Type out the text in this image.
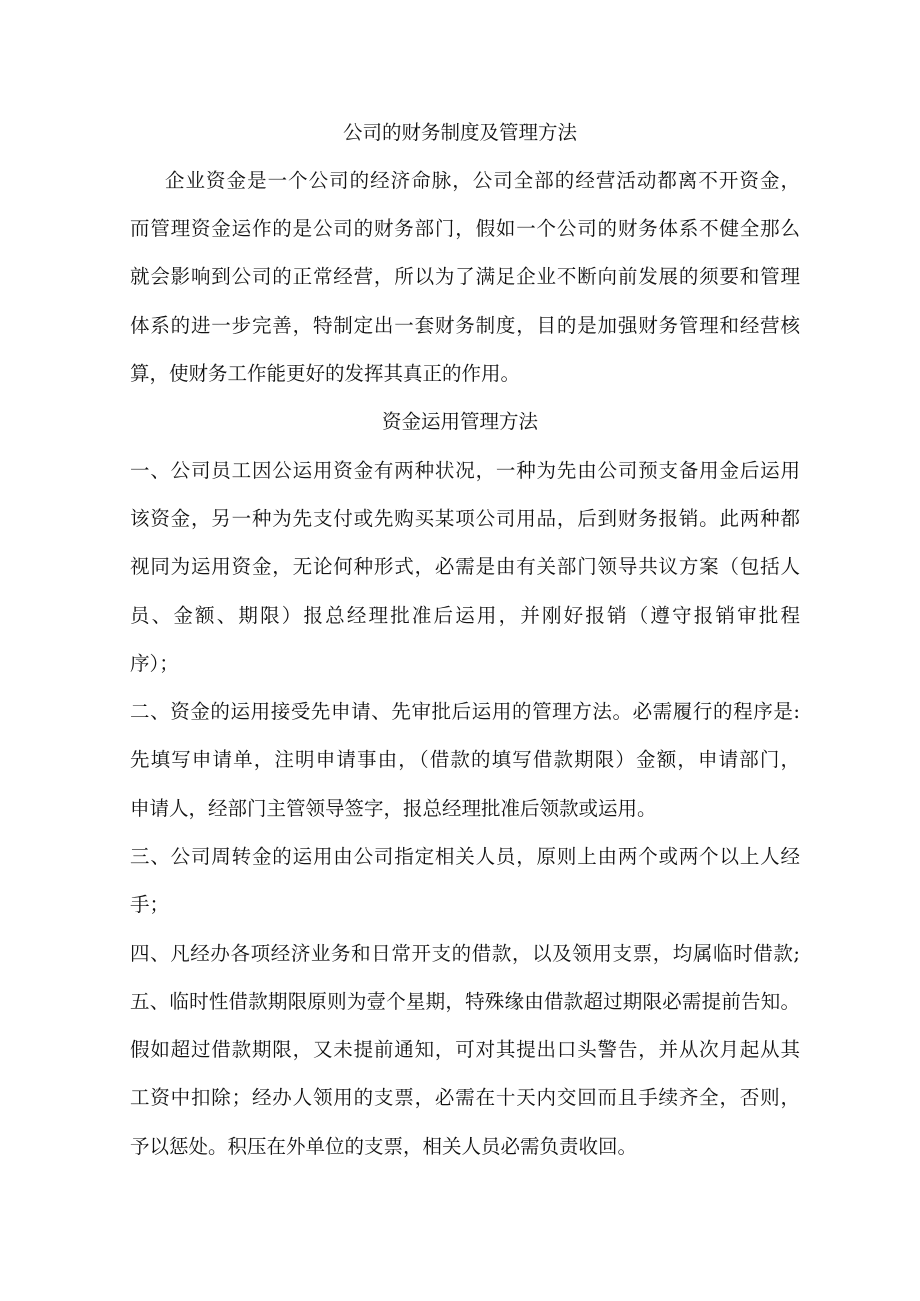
公司的财务制度及管理方法
企业资金是一个公司的经济命脉，公司全部的经营活动都离不开资金，
而管理资金运作的是公司的财务部门，假如一个公司的财务体系不健全那么
就会影响到公司的正常经营，所以为了满足企业不断向前发展的须要和管理
体系的进一步完善，特制定出一套财务制度，目的是加强财务管理和经营核
算，使财务工作能更好的发挥其真正的作用。
资金运用管理方法
一、公司员工因公运用资金有两种状况，一种为先由公司预支备用金后运用
该资金，另一种为先支付或先购买某项公司用品，后到财务报销。此两种都
视同为运用资金，无论何种形式，必需是由有关部门领导共议方案（包括人
员、金额、期限）报总经理批准后运用，并刚好报销（遵守报销审批程
序）；
二、资金的运用接受先申请、先审批后运用的管理方法。必需履行的程序是:
先填写申请单，注明申请事由，（借款的填写借款期限）金额，申请部门，
申请人，经部门主管领导签字，报总经理批准后领款或运用。
三、公司周转金的运用由公司指定相关人员，原则上由两个或两个以上人经
手；
四、凡经办各项经济业务和日常开支的借款，以及领用支票，均属临时借款;
五、临时性借款期限原则为壹个星期，特殊缘由借款超过期限必需提前告知。
假如超过借款期限，又未提前通知，可对其提出口头警告，并从次月起从其
工资中扣除；经办人领用的支票，必需在十天内交回而且手续齐全，否则，
予以惩处。积压在外单位的支票，相关人员必需负责收回。
